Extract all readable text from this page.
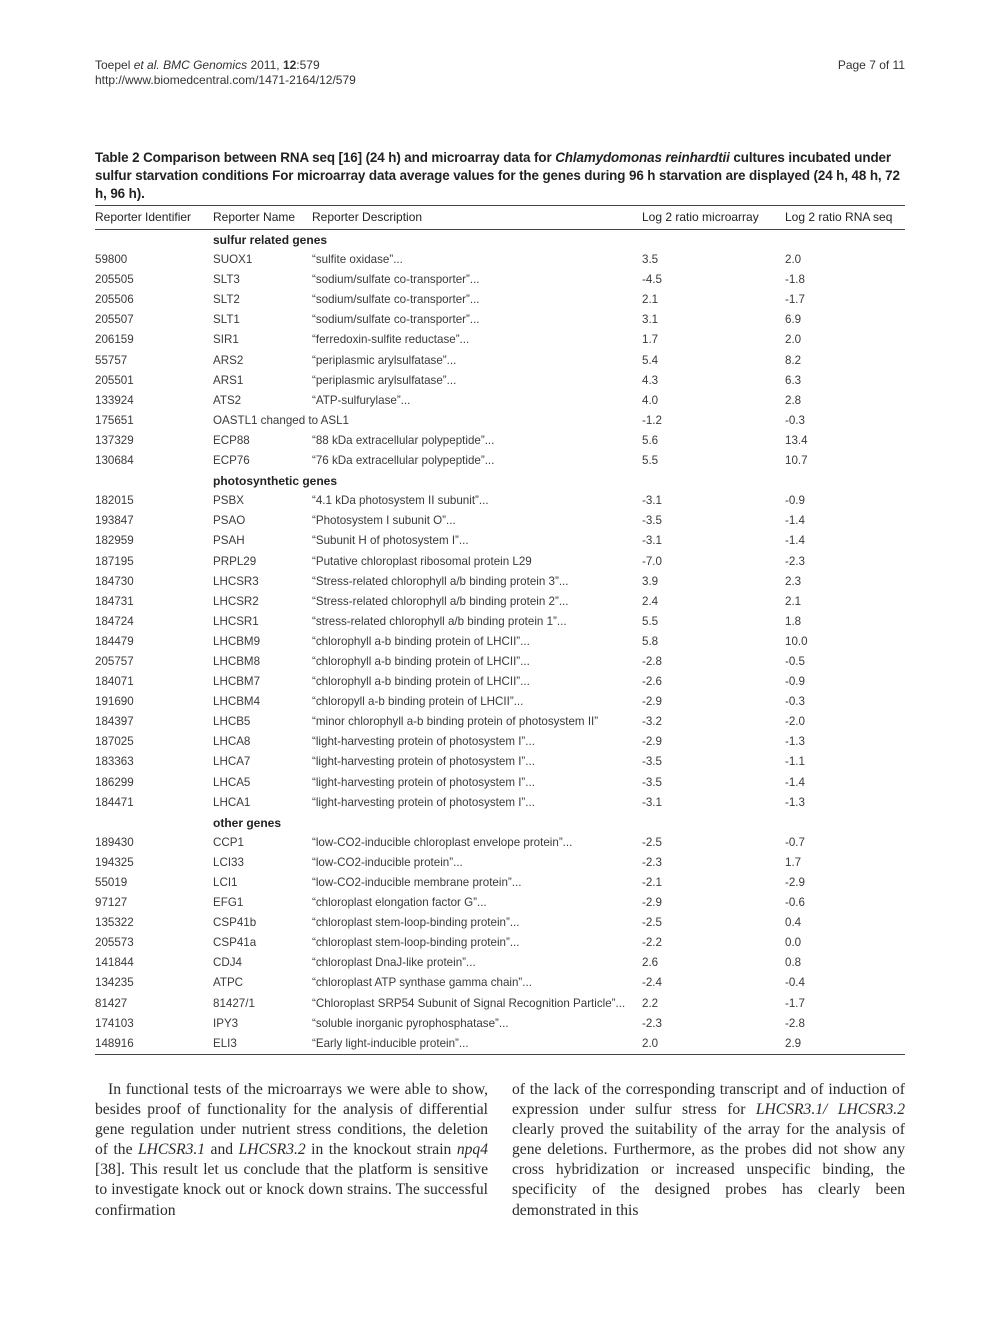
Toepel et al. BMC Genomics 2011, 12:579
http://www.biomedcentral.com/1471-2164/12/579
Page 7 of 11
Table 2 Comparison between RNA seq [16] (24 h) and microarray data for Chlamydomonas reinhardtii cultures incubated under sulfur starvation conditions For microarray data average values for the genes during 96 h starvation are displayed (24 h, 48 h, 72 h, 96 h).
Reporter Identifier	Reporter Name	Reporter Description	Log 2 ratio microarray	Log 2 ratio RNA seq
	sulfur related genes			
59800	SUOX1	“sulfite oxidase”...	3.5	2.0
205505	SLT3	“sodium/sulfate co-transporter”...	-4.5	-1.8
205506	SLT2	“sodium/sulfate co-transporter”...	2.1	-1.7
205507	SLT1	“sodium/sulfate co-transporter”...	3.1	6.9
206159	SIR1	“ferredoxin-sulfite reductase”...	1.7	2.0
55757	ARS2	“periplasmic arylsulfatase”...	5.4	8.2
205501	ARS1	“periplasmic arylsulfatase”...	4.3	6.3
133924	ATS2	“ATP-sulfurylase”...	4.0	2.8
175651	OASTL1 changed to ASL1		-1.2	-0.3
137329	ECP88	“88 kDa extracellular polypeptide”...	5.6	13.4
130684	ECP76	“76 kDa extracellular polypeptide”...	5.5	10.7
	photosynthetic genes			
182015	PSBX	“4.1 kDa photosystem II subunit”...	-3.1	-0.9
193847	PSAO	“Photosystem I subunit O”...	-3.5	-1.4
182959	PSAH	“Subunit H of photosystem I”...	-3.1	-1.4
187195	PRPL29	“Putative chloroplast ribosomal protein L29	-7.0	-2.3
184730	LHCSR3	“Stress-related chlorophyll a/b binding protein 3”...	3.9	2.3
184731	LHCSR2	“Stress-related chlorophyll a/b binding protein 2”...	2.4	2.1
184724	LHCSR1	“stress-related chlorophyll a/b binding protein 1”...	5.5	1.8
184479	LHCBM9	“chlorophyll a-b binding protein of LHCII”...	5.8	10.0
205757	LHCBM8	“chlorophyll a-b binding protein of LHCII”...	-2.8	-0.5
184071	LHCBM7	“chlorophyll a-b binding protein of LHCII”...	-2.6	-0.9
191690	LHCBM4	“chloropyll a-b binding protein of LHCII”...	-2.9	-0.3
184397	LHCB5	“minor chlorophyll a-b binding protein of photosystem II”	-3.2	-2.0
187025	LHCA8	“light-harvesting protein of photosystem I”...	-2.9	-1.3
183363	LHCA7	“light-harvesting protein of photosystem I”...	-3.5	-1.1
186299	LHCA5	“light-harvesting protein of photosystem I”...	-3.5	-1.4
184471	LHCA1	“light-harvesting protein of photosystem I”...	-3.1	-1.3
	other genes			
189430	CCP1	“low-CO2-inducible chloroplast envelope protein”...	-2.5	-0.7
194325	LCI33	“low-CO2-inducible protein”...	-2.3	1.7
55019	LCI1	“low-CO2-inducible membrane protein”...	-2.1	-2.9
97127	EFG1	“chloroplast elongation factor G”...	-2.9	-0.6
135322	CSP41b	“chloroplast stem-loop-binding protein”...	-2.5	0.4
205573	CSP41a	“chloroplast stem-loop-binding protein”...	-2.2	0.0
141844	CDJ4	“chloroplast DnaJ-like protein”...	2.6	0.8
134235	ATPC	“chloroplast ATP synthase gamma chain”...	-2.4	-0.4
81427	81427/1	“Chloroplast SRP54 Subunit of Signal Recognition Particle”...	2.2	-1.7
174103	IPY3	“soluble inorganic pyrophosphatase”...	-2.3	-2.8
148916	ELI3	“Early light-inducible protein”...	2.0	2.9
In functional tests of the microarrays we were able to show, besides proof of functionality for the analysis of differential gene regulation under nutrient stress conditions, the deletion of the LHCSR3.1 and LHCSR3.2 in the knockout strain npq4 [38]. This result let us conclude that the platform is sensitive to investigate knock out or knock down strains. The successful confirmation
of the lack of the corresponding transcript and of induction of expression under sulfur stress for LHCSR3.1/ LHCSR3.2 clearly proved the suitability of the array for the analysis of gene deletions. Furthermore, as the probes did not show any cross hybridization or increased unspecific binding, the specificity of the designed probes has clearly been demonstrated in this
